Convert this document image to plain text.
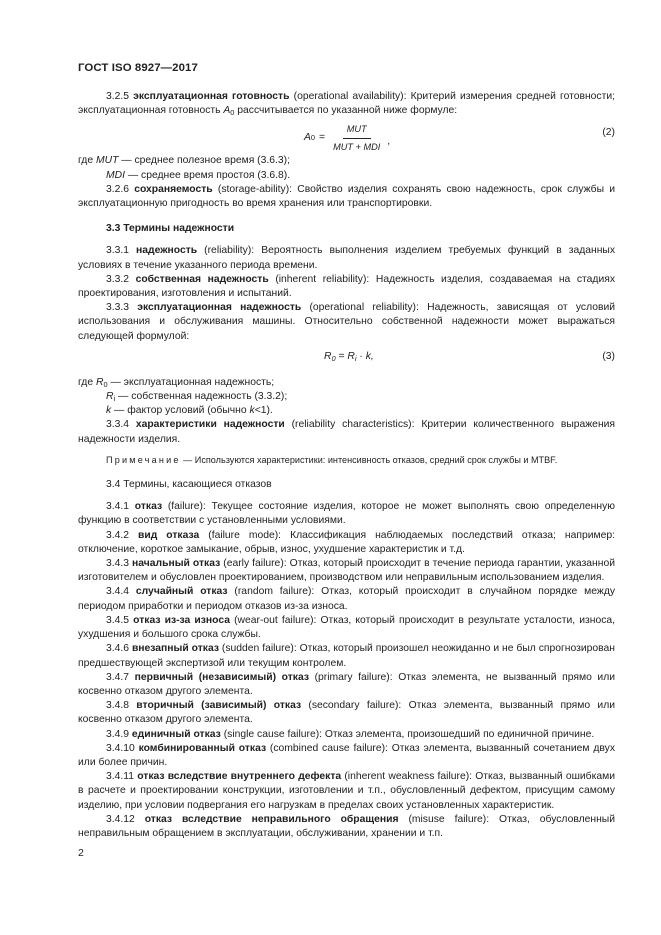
ГОСТ ISO 8927—2017

3.2.5 эксплуатационная готовность (operational availability): Критерий измерения средней готовности; эксплуатационная готовность $A_0$ рассчитывается по указанной ниже формуле:

A $0 = \frac{\text{MUT}}{\text{MUT + MDI}}$ ,
(2)

где MUT — среднее полезное время (3.6.3);

MDI — среднее время простоя (3.6.8).

3.2.6 сохраняемость (storage-ability): Свойство изделия сохранять свою надежность, срок службы и эксплуатационную пригодность во время хранения или транспортировки.

3.3 Термины надежности

3.3.1 надежность (reliability): Вероятность выполнения изделием требуемых функций в заданных условиях в течение указанного периода времени.

3.3.2 собственная надежность (inherent reliability): Надежность изделия, создаваемая на стадиях проектирования, изготовления и испытаний.

3.3.3 эксплуатационная надежность (operational reliability): Надежность, зависящая от условий использования и обслуживания машины. Относительно собственной надежности может выражаться следующей формулой:

$R_0 = R_i \cdot k$,	(3)

где $R_0$ — эксплуатационная надежность;

$R_i$ — собственная надежность (3.3.2);

k — фактор условий (обычно k<1).

3.3.4 характеристики надежности (reliability characteristics): Критерии количественного выражения надежности изделия.

Примечание — Используются характеристики: интенсивность отказов, средний срок службы и MTBF.

3.4 Термины, касающиеся отказов

3.4.1 отказ (failure): Текущее состояние изделия, которое не может выполнять свою определенную функцию в соответствии с установленными условиями.

3.4.2 вид отказа (failure mode): Классификация наблюдаемых последствий отказа; например: отключение, короткое замыкание, обрыв, износ, ухудшение характеристик и т.д.

3.4.3 начальный отказ (early failure): Отказ, который происходит в течение периода гарантии, указанной изготовителем и обусловлен проектированием, производством или неправильным использованием изделия.

3.4.4 случайный отказ (random failure): Отказ, который происходит в случайном порядке между периодом приработки и периодом отказов из-за износа.

3.4.5 отказ из-за износа (wear-out failure): Отказ, который происходит в результате усталости, износа, ухудшения и большого срока службы.

3.4.6 внезапный отказ (sudden failure): Отказ, который произошел неожиданно и не был спрогнозирован предшествующей экспертизой или текущим контролем.

3.4.7 первичный (независимый) отказ (primary failure): Отказ элемента, не вызванный прямо или косвенно отказом другого элемента.

3.4.8 вторичный (зависимый) отказ (secondary failure): Отказ элемента, вызванный прямо или косвенно отказом другого элемента.

3.4.9 единичный отказ (single cause failure): Отказ элемента, произошедший по единичной причине.

3.4.10 комбинированный отказ (combined cause failure): Отказ элемента, вызванный сочетанием двух или более причин.

3.4.11 отказ вследствие внутреннего дефекта (inherent weakness failure): Отказ, вызванный ошибками в расчете и проектировании конструкции, изготовлении и т.п., обусловленный дефектом, присущим самому изделию, при условии подвергания его нагрузкам в пределах своих установленных характеристик.

3.4.12 отказ вследствие неправильного обращения (misuse failure): Отказ, обусловленный неправильным обращением в эксплуатации, обслуживании, хранении и т.п.

2
